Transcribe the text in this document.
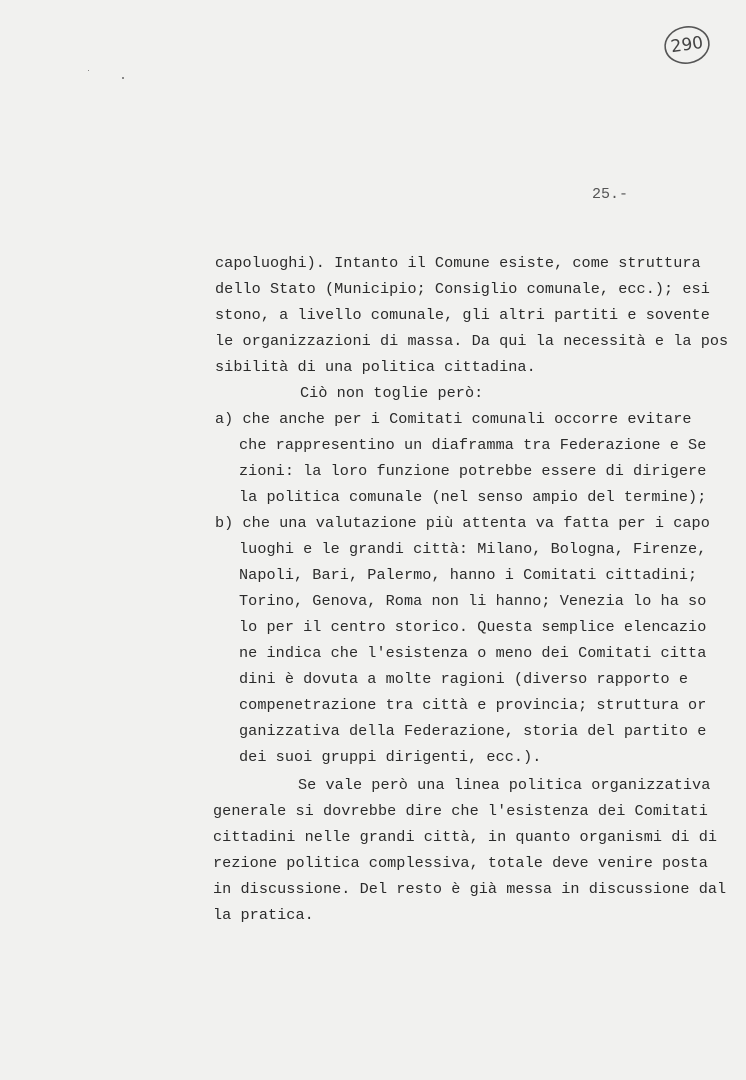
290
25.-
capoluoghi). Intanto il Comune esiste, come struttura
dello Stato (Municipio; Consiglio comunale, ecc.); esi
stono, a livello comunale, gli altri partiti e sovente
le organizzazioni di massa. Da qui la necessità e la pos
sibilità di una politica cittadina.
Ciò non toglie però:
a) che anche per i Comitati comunali occorre evitare
che rappresentino un diaframma tra Federazione e Se
zioni: la loro funzione potrebbe essere di dirigere
la politica comunale (nel senso ampio del termine);
b) che una valutazione più attenta va fatta per i capo
luoghi e le grandi città: Milano, Bologna, Firenze,
Napoli, Bari, Palermo, hanno i Comitati cittadini;
Torino, Genova, Roma non li hanno; Venezia lo ha so
lo per il centro storico. Questa semplice elencazio
ne indica che l'esistenza o meno dei Comitati citta
dini è dovuta a molte ragioni (diverso rapporto e
compenetrazione tra città e provincia; struttura or
ganizzativa della Federazione, storia del partito e
dei suoi gruppi dirigenti, ecc.).
Se vale però una linea politica organizzativa
generale si dovrebbe dire che l'esistenza dei Comitati
cittadini nelle grandi città, in quanto organismi di di
rezione politica complessiva, totale deve venire posta
in discussione. Del resto è già messa in discussione dal
la pratica.
